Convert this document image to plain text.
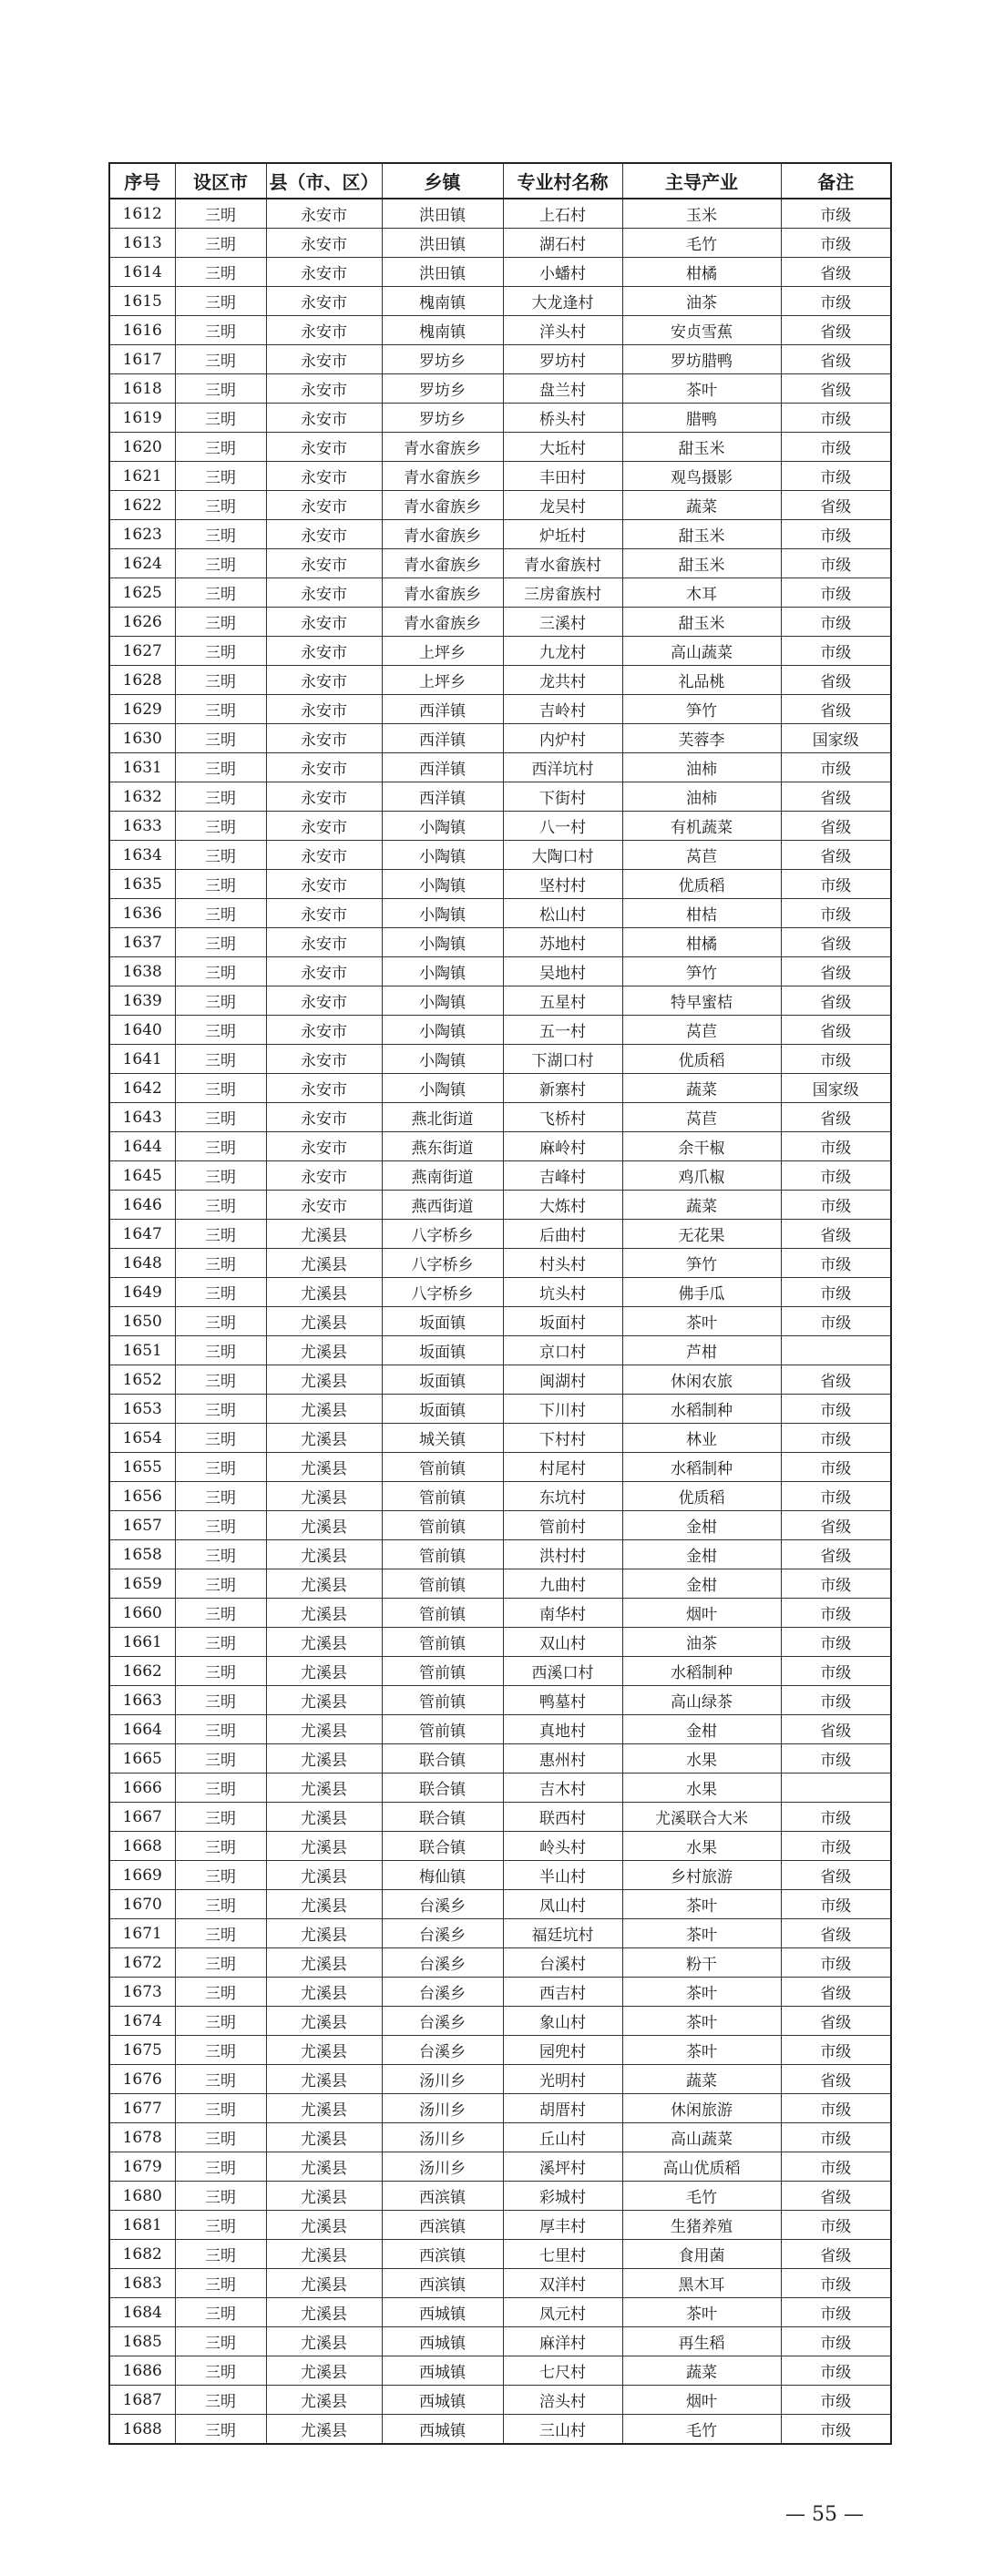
序号	设区市	县（市、区）	乡镇	专业村名称	主导产业	备注
1612	三明	永安市	洪田镇	上石村	玉米	市级
1613	三明	永安市	洪田镇	湖石村	毛竹	市级
1614	三明	永安市	洪田镇	小蟠村	柑橘	省级
1615	三明	永安市	槐南镇	大龙逢村	油茶	市级
1616	三明	永安市	槐南镇	洋头村	安贞雪蕉	省级
1617	三明	永安市	罗坊乡	罗坊村	罗坊腊鸭	省级
1618	三明	永安市	罗坊乡	盘兰村	茶叶	省级
1619	三明	永安市	罗坊乡	桥头村	腊鸭	市级
1620	三明	永安市	青水畲族乡	大坵村	甜玉米	市级
1621	三明	永安市	青水畲族乡	丰田村	观鸟摄影	市级
1622	三明	永安市	青水畲族乡	龙吴村	蔬菜	省级
1623	三明	永安市	青水畲族乡	炉坵村	甜玉米	市级
1624	三明	永安市	青水畲族乡	青水畲族村	甜玉米	市级
1625	三明	永安市	青水畲族乡	三房畲族村	木耳	市级
1626	三明	永安市	青水畲族乡	三溪村	甜玉米	市级
1627	三明	永安市	上坪乡	九龙村	高山蔬菜	市级
1628	三明	永安市	上坪乡	龙共村	礼品桃	省级
1629	三明	永安市	西洋镇	吉岭村	笋竹	省级
1630	三明	永安市	西洋镇	内炉村	芙蓉李	国家级
1631	三明	永安市	西洋镇	西洋坑村	油柿	市级
1632	三明	永安市	西洋镇	下街村	油柿	省级
1633	三明	永安市	小陶镇	八一村	有机蔬菜	省级
1634	三明	永安市	小陶镇	大陶口村	莴苣	省级
1635	三明	永安市	小陶镇	坚村村	优质稻	市级
1636	三明	永安市	小陶镇	松山村	柑桔	市级
1637	三明	永安市	小陶镇	苏地村	柑橘	省级
1638	三明	永安市	小陶镇	吴地村	笋竹	省级
1639	三明	永安市	小陶镇	五星村	特早蜜桔	省级
1640	三明	永安市	小陶镇	五一村	莴苣	省级
1641	三明	永安市	小陶镇	下湖口村	优质稻	市级
1642	三明	永安市	小陶镇	新寨村	蔬菜	国家级
1643	三明	永安市	燕北街道	飞桥村	莴苣	省级
1644	三明	永安市	燕东街道	麻岭村	余干椒	市级
1645	三明	永安市	燕南街道	吉峰村	鸡爪椒	市级
1646	三明	永安市	燕西街道	大炼村	蔬菜	市级
1647	三明	尤溪县	八字桥乡	后曲村	无花果	省级
1648	三明	尤溪县	八字桥乡	村头村	笋竹	市级
1649	三明	尤溪县	八字桥乡	坑头村	佛手瓜	市级
1650	三明	尤溪县	坂面镇	坂面村	茶叶	市级
1651	三明	尤溪县	坂面镇	京口村	芦柑	
1652	三明	尤溪县	坂面镇	闽湖村	休闲农旅	省级
1653	三明	尤溪县	坂面镇	下川村	水稻制种	市级
1654	三明	尤溪县	城关镇	下村村	林业	市级
1655	三明	尤溪县	管前镇	村尾村	水稻制种	市级
1656	三明	尤溪县	管前镇	东坑村	优质稻	市级
1657	三明	尤溪县	管前镇	管前村	金柑	省级
1658	三明	尤溪县	管前镇	洪村村	金柑	省级
1659	三明	尤溪县	管前镇	九曲村	金柑	市级
1660	三明	尤溪县	管前镇	南华村	烟叶	市级
1661	三明	尤溪县	管前镇	双山村	油茶	市级
1662	三明	尤溪县	管前镇	西溪口村	水稻制种	市级
1663	三明	尤溪县	管前镇	鸭墓村	高山绿茶	市级
1664	三明	尤溪县	管前镇	真地村	金柑	省级
1665	三明	尤溪县	联合镇	惠州村	水果	市级
1666	三明	尤溪县	联合镇	吉木村	水果	
1667	三明	尤溪县	联合镇	联西村	尤溪联合大米	市级
1668	三明	尤溪县	联合镇	岭头村	水果	市级
1669	三明	尤溪县	梅仙镇	半山村	乡村旅游	省级
1670	三明	尤溪县	台溪乡	凤山村	茶叶	市级
1671	三明	尤溪县	台溪乡	福廷坑村	茶叶	省级
1672	三明	尤溪县	台溪乡	台溪村	粉干	市级
1673	三明	尤溪县	台溪乡	西吉村	茶叶	省级
1674	三明	尤溪县	台溪乡	象山村	茶叶	省级
1675	三明	尤溪县	台溪乡	园兜村	茶叶	市级
1676	三明	尤溪县	汤川乡	光明村	蔬菜	省级
1677	三明	尤溪县	汤川乡	胡厝村	休闲旅游	市级
1678	三明	尤溪县	汤川乡	丘山村	高山蔬菜	市级
1679	三明	尤溪县	汤川乡	溪坪村	高山优质稻	市级
1680	三明	尤溪县	西滨镇	彩城村	毛竹	省级
1681	三明	尤溪县	西滨镇	厚丰村	生猪养殖	市级
1682	三明	尤溪县	西滨镇	七里村	食用菌	省级
1683	三明	尤溪县	西滨镇	双洋村	黑木耳	市级
1684	三明	尤溪县	西城镇	凤元村	茶叶	市级
1685	三明	尤溪县	西城镇	麻洋村	再生稻	市级
1686	三明	尤溪县	西城镇	七尺村	蔬菜	市级
1687	三明	尤溪县	西城镇	涪头村	烟叶	市级
1688	三明	尤溪县	西城镇	三山村	毛竹	市级
— 55 —
